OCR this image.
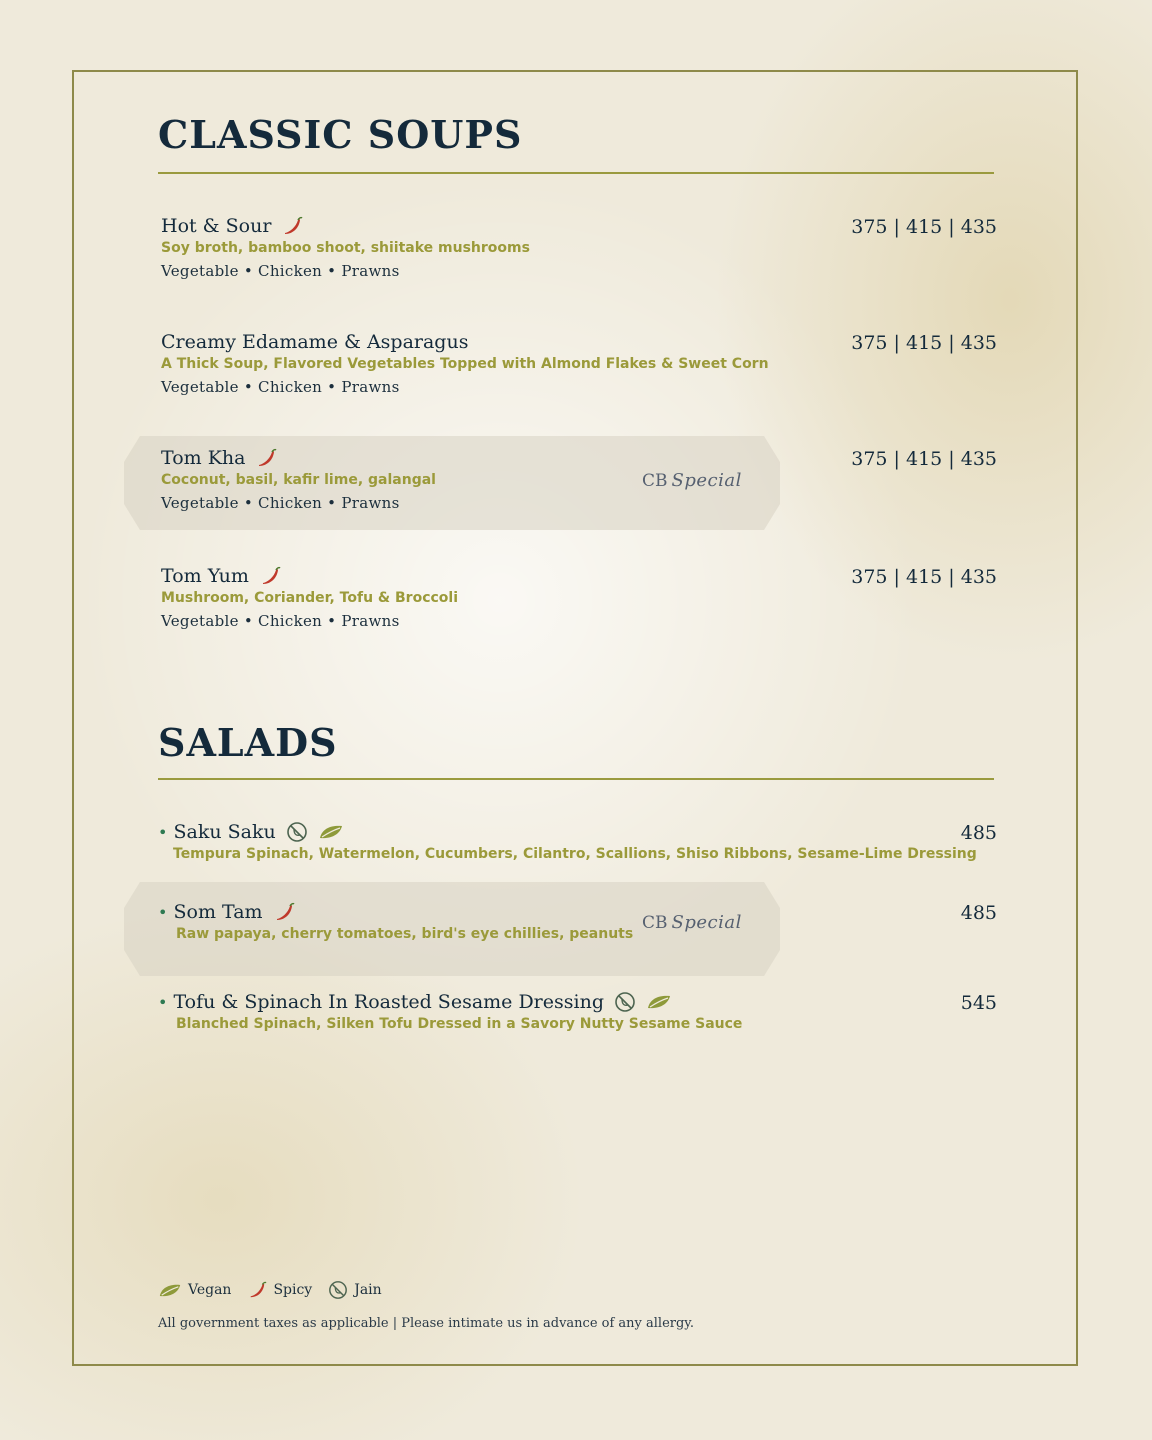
CLASSIC SOUPS
Hot & Sour
Soy broth, bamboo shoot, shiitake mushrooms
Vegetable • Chicken • Prawns
375 | 415 | 435
Creamy Edamame & Asparagus
A Thick Soup, Flavored Vegetables Topped with Almond Flakes & Sweet Corn
Vegetable • Chicken • Prawns
375 | 415 | 435
Tom Kha
Coconut, basil, kafir lime, galangal
Vegetable • Chicken • Prawns
CB Special
375 | 415 | 435
Tom Yum
Mushroom, Coriander, Tofu & Broccoli
Vegetable • Chicken • Prawns
375 | 415 | 435
SALADS
• Saku Saku
Tempura Spinach, Watermelon, Cucumbers, Cilantro, Scallions, Shiso Ribbons, Sesame-Lime Dressing
485
• Som Tam
Raw papaya, cherry tomatoes, bird's eye chillies, peanuts
CB Special	485
• Tofu & Spinach In Roasted Sesame Dressing
Blanched Spinach, Silken Tofu Dressed in a Savory Nutty Sesame Sauce
545
Vegan	Spicy	Jain
All government taxes as applicable | Please intimate us in advance of any allergy.
